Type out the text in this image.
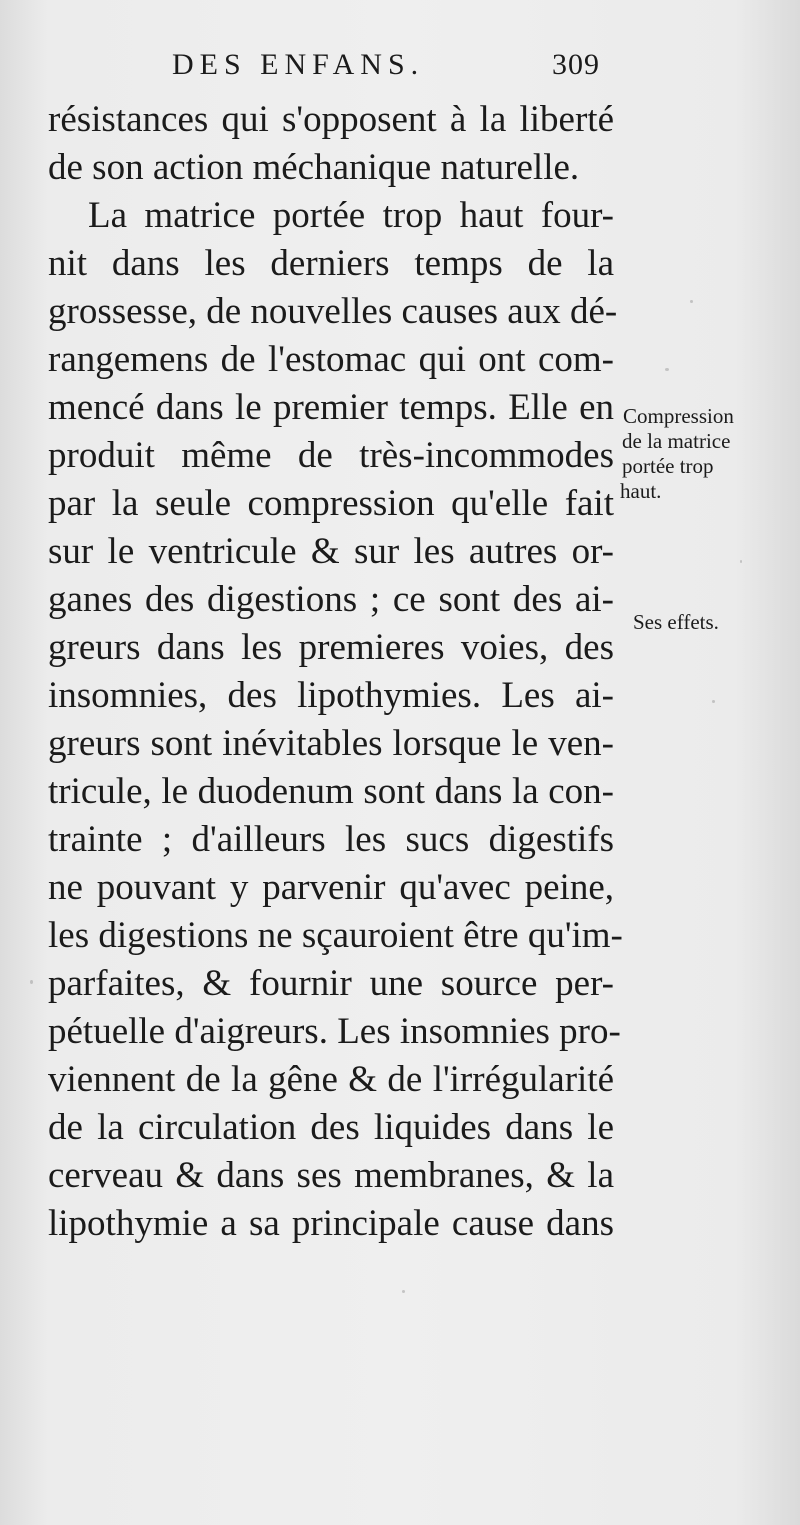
DES ENFANS.	309
résistances qui s'opposent à la liberté
de son action méchanique naturelle.
La matrice portée trop haut four-
nit dans les derniers temps de la
grossesse, de nouvelles causes aux dé-
rangemens de l'estomac qui ont com-
mencé dans le premier temps. Elle en
produit même de très-incommodes
par la seule compression qu'elle fait
sur le ventricule & sur les autres or-
ganes des digestions ; ce sont des ai-
greurs dans les premieres voies, des
insomnies, des lipothymies. Les ai-
greurs sont inévitables lorsque le ven-
tricule, le duodenum sont dans la con-
trainte ; d'ailleurs les sucs digestifs
ne pouvant y parvenir qu'avec peine,
les digestions ne sçauroient être qu'im-
parfaites, & fournir une source per-
pétuelle d'aigreurs. Les insomnies pro-
viennent de la gêne & de l'irrégularité
de la circulation des liquides dans le
cerveau & dans ses membranes, & la
lipothymie a sa principale cause dans
Compression
de la matrice
portée trop
haut.
Ses effets.
